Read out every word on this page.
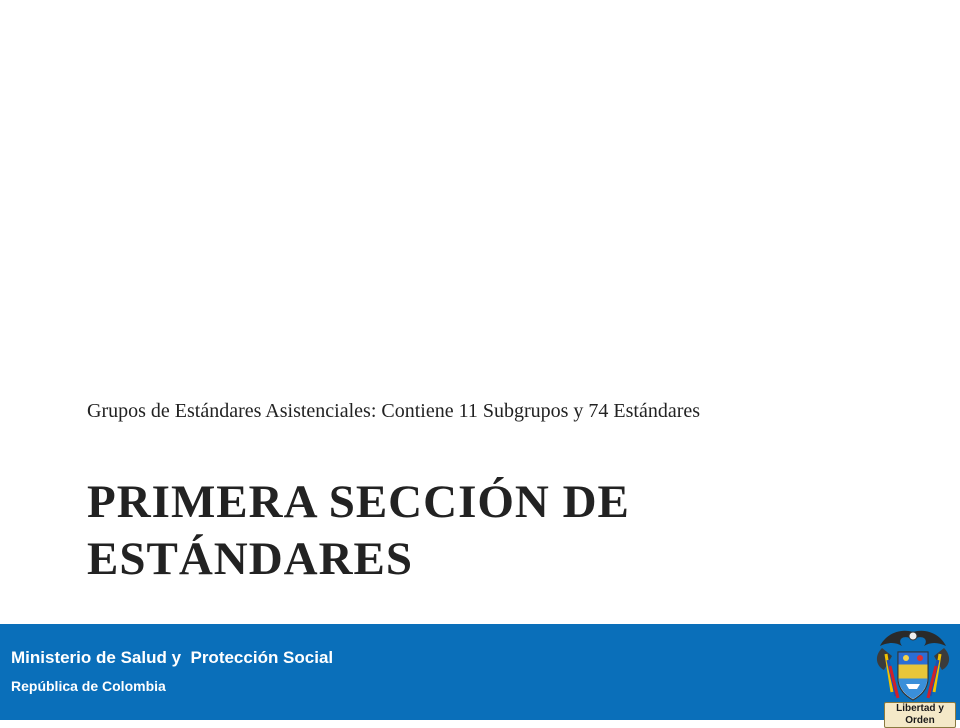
Grupos de Estándares Asistenciales: Contiene 11 Subgrupos y 74 Estándares
PRIMERA SECCIÓN DE ESTÁNDARES
Ministerio de Salud y  Protección Social
República de Colombia
Libertad y Orden
